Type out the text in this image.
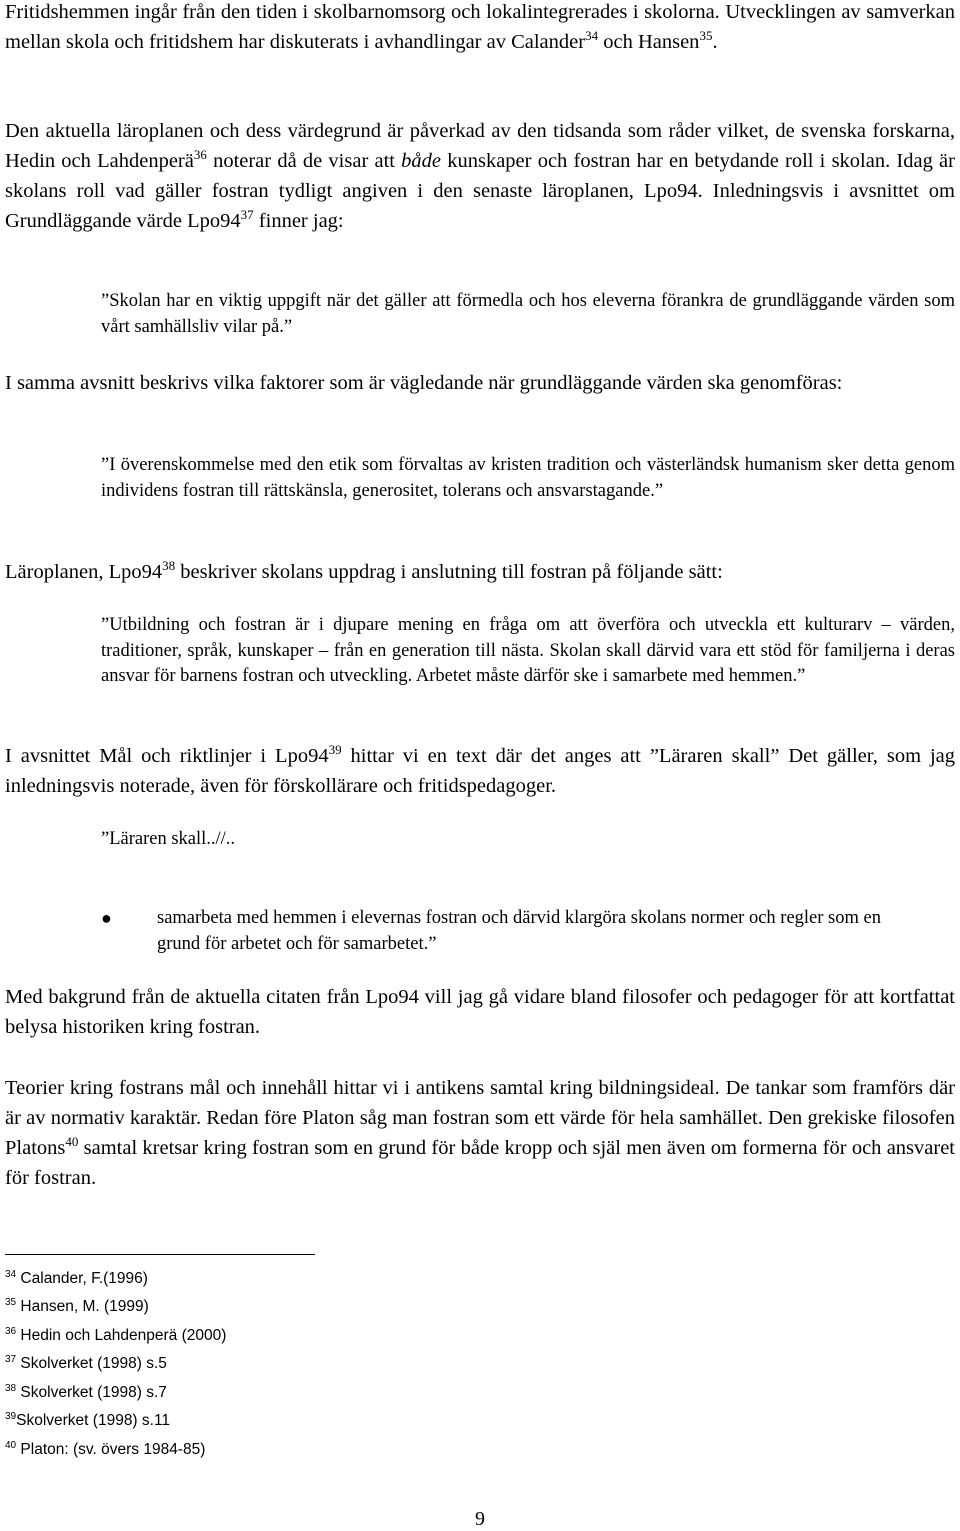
Fritidshemmen ingår från den tiden i skolbarnomsorg och lokalintegrerades i skolorna. Utvecklingen av samverkan mellan skola och fritidshem har diskuterats i avhandlingar av Calander$^{34}$ och Hansen$^{35}$.
Den aktuella läroplanen och dess värdegrund är påverkad av den tidsanda som råder vilket, de svenska forskarna, Hedin och Lahdenperä$^{36}$ noterar då de visar att både kunskaper och fostran har en betydande roll i skolan. Idag är skolans roll vad gäller fostran tydligt angiven i den senaste läroplanen, Lpo94. Inledningsvis i avsnittet om Grundläggande värde $Lpo94^{37}$ finner jag:
”Skolan har en viktig uppgift när det gäller att förmedla och hos eleverna förankra de grundläggande värden som vårt samhällsliv vilar på.”
I samma avsnitt beskrivs vilka faktorer som är vägledande när grundläggande värden ska genomföras:
”I överenskommelse med den etik som förvaltas av kristen tradition och västerländsk humanism sker detta genom individens fostran till rättskänsla, generositet, tolerans och ansvarstagande.”
Läroplanen, $Lpo94^{38}$ beskriver skolans uppdrag i anslutning till fostran på följande sätt:
”Utbildning och fostran är i djupare mening en fråga om att överföra och utveckla ett kulturarv – värden, traditioner, språk, kunskaper – från en generation till nästa. Skolan skall därvid vara ett stöd för familjerna i deras ansvar för barnens fostran och utveckling. Arbetet måste därför ske i samarbete med hemmen.”
I avsnittet Mål och riktlinjer i $Lpo94^{39}$ hittar vi en text där det anges att ”Läraren skall” Det gäller, som jag inledningsvis noterade, även för förskollärare och fritidspedagoger.
”Läraren skall..//..
● samarbeta med hemmen i elevernas fostran och därvid klargöra skolans normer och regler som en grund för arbetet och för samarbetet.”
Med bakgrund från de aktuella citaten från Lpo94 vill jag gå vidare bland filosofer och pedagoger för att kortfattat belysa historiken kring fostran.
Teorier kring fostrans mål och innehåll hittar vi i antikens samtal kring bildningsideal. De tankar som framförs där är av normativ karaktär. Redan före Platon såg man fostran som ett värde för hela samhället. Den grekiske filosofen Platons$^{40}$ samtal kretsar kring fostran som en grund för både kropp och själ men även om formerna för och ansvaret för fostran.
$^{34}$ Calander, F.(1996)
$^{35}$ Hansen, M. (1999)
$^{36}$ Hedin och Lahdenperä (2000)
$^{37}$ Skolverket (1998) s.5
$^{38}$ Skolverket (1998) s.7
$^{39}$Skolverket (1998) s.11
$^{40}$ Platon: (sv. övers 1984-85)
9
